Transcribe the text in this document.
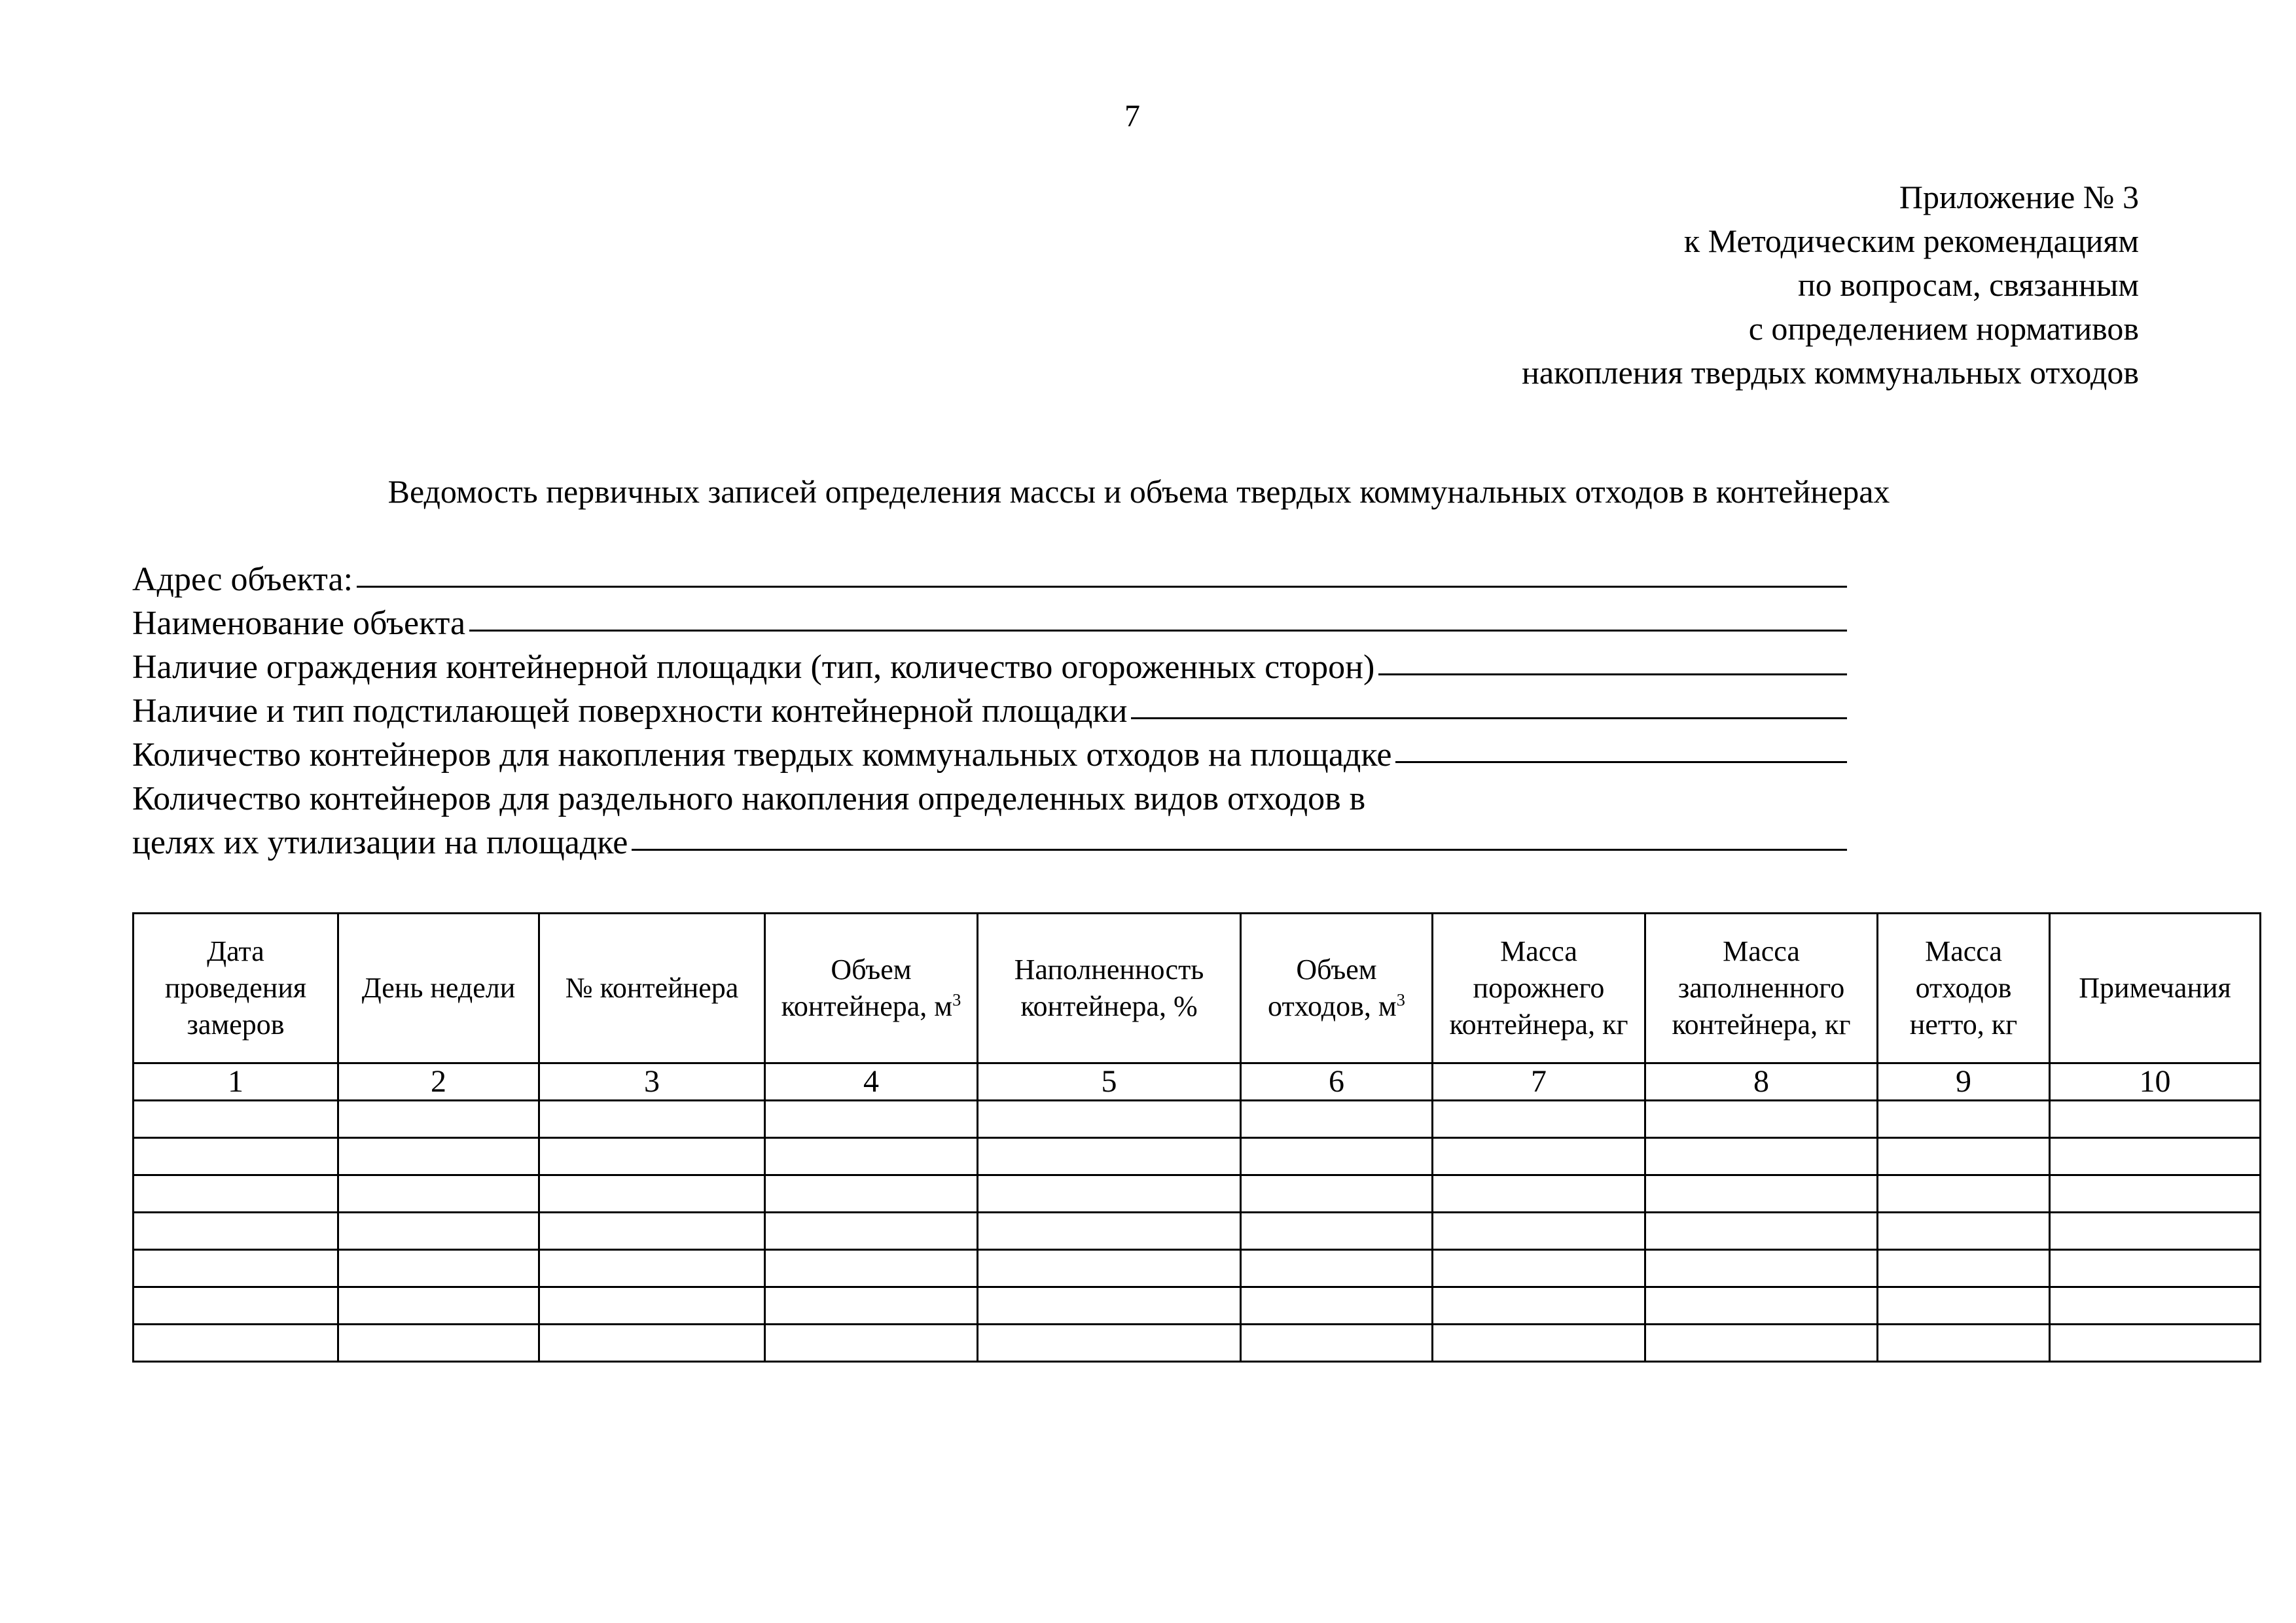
7
Приложение № 3
к Методическим рекомендациям
по вопросам, связанным
с определением нормативов
накопления твердых коммунальных отходов
Ведомость первичных записей определения массы и объема твердых коммунальных отходов в контейнерах
Адрес объекта:
Наименование объекта
Наличие ограждения контейнерной площадки (тип, количество огороженных сторон)
Наличие и тип подстилающей поверхности контейнерной площадки
Количество контейнеров для накопления твердых коммунальных отходов на площадке
Количество контейнеров для раздельного накопления определенных видов отходов в
целях их утилизации на площадке
Дата проведения замеров	День недели	№ контейнера	Объем контейнера, $м^3$	Наполненность контейнера, %	Объем отходов, $м^3$	Масса порожнего контейнера, кг	Масса заполненного контейнера, кг	Масса отходов нетто, кг	Примечания
1	2	3	4	5	6	7	8	9	10
